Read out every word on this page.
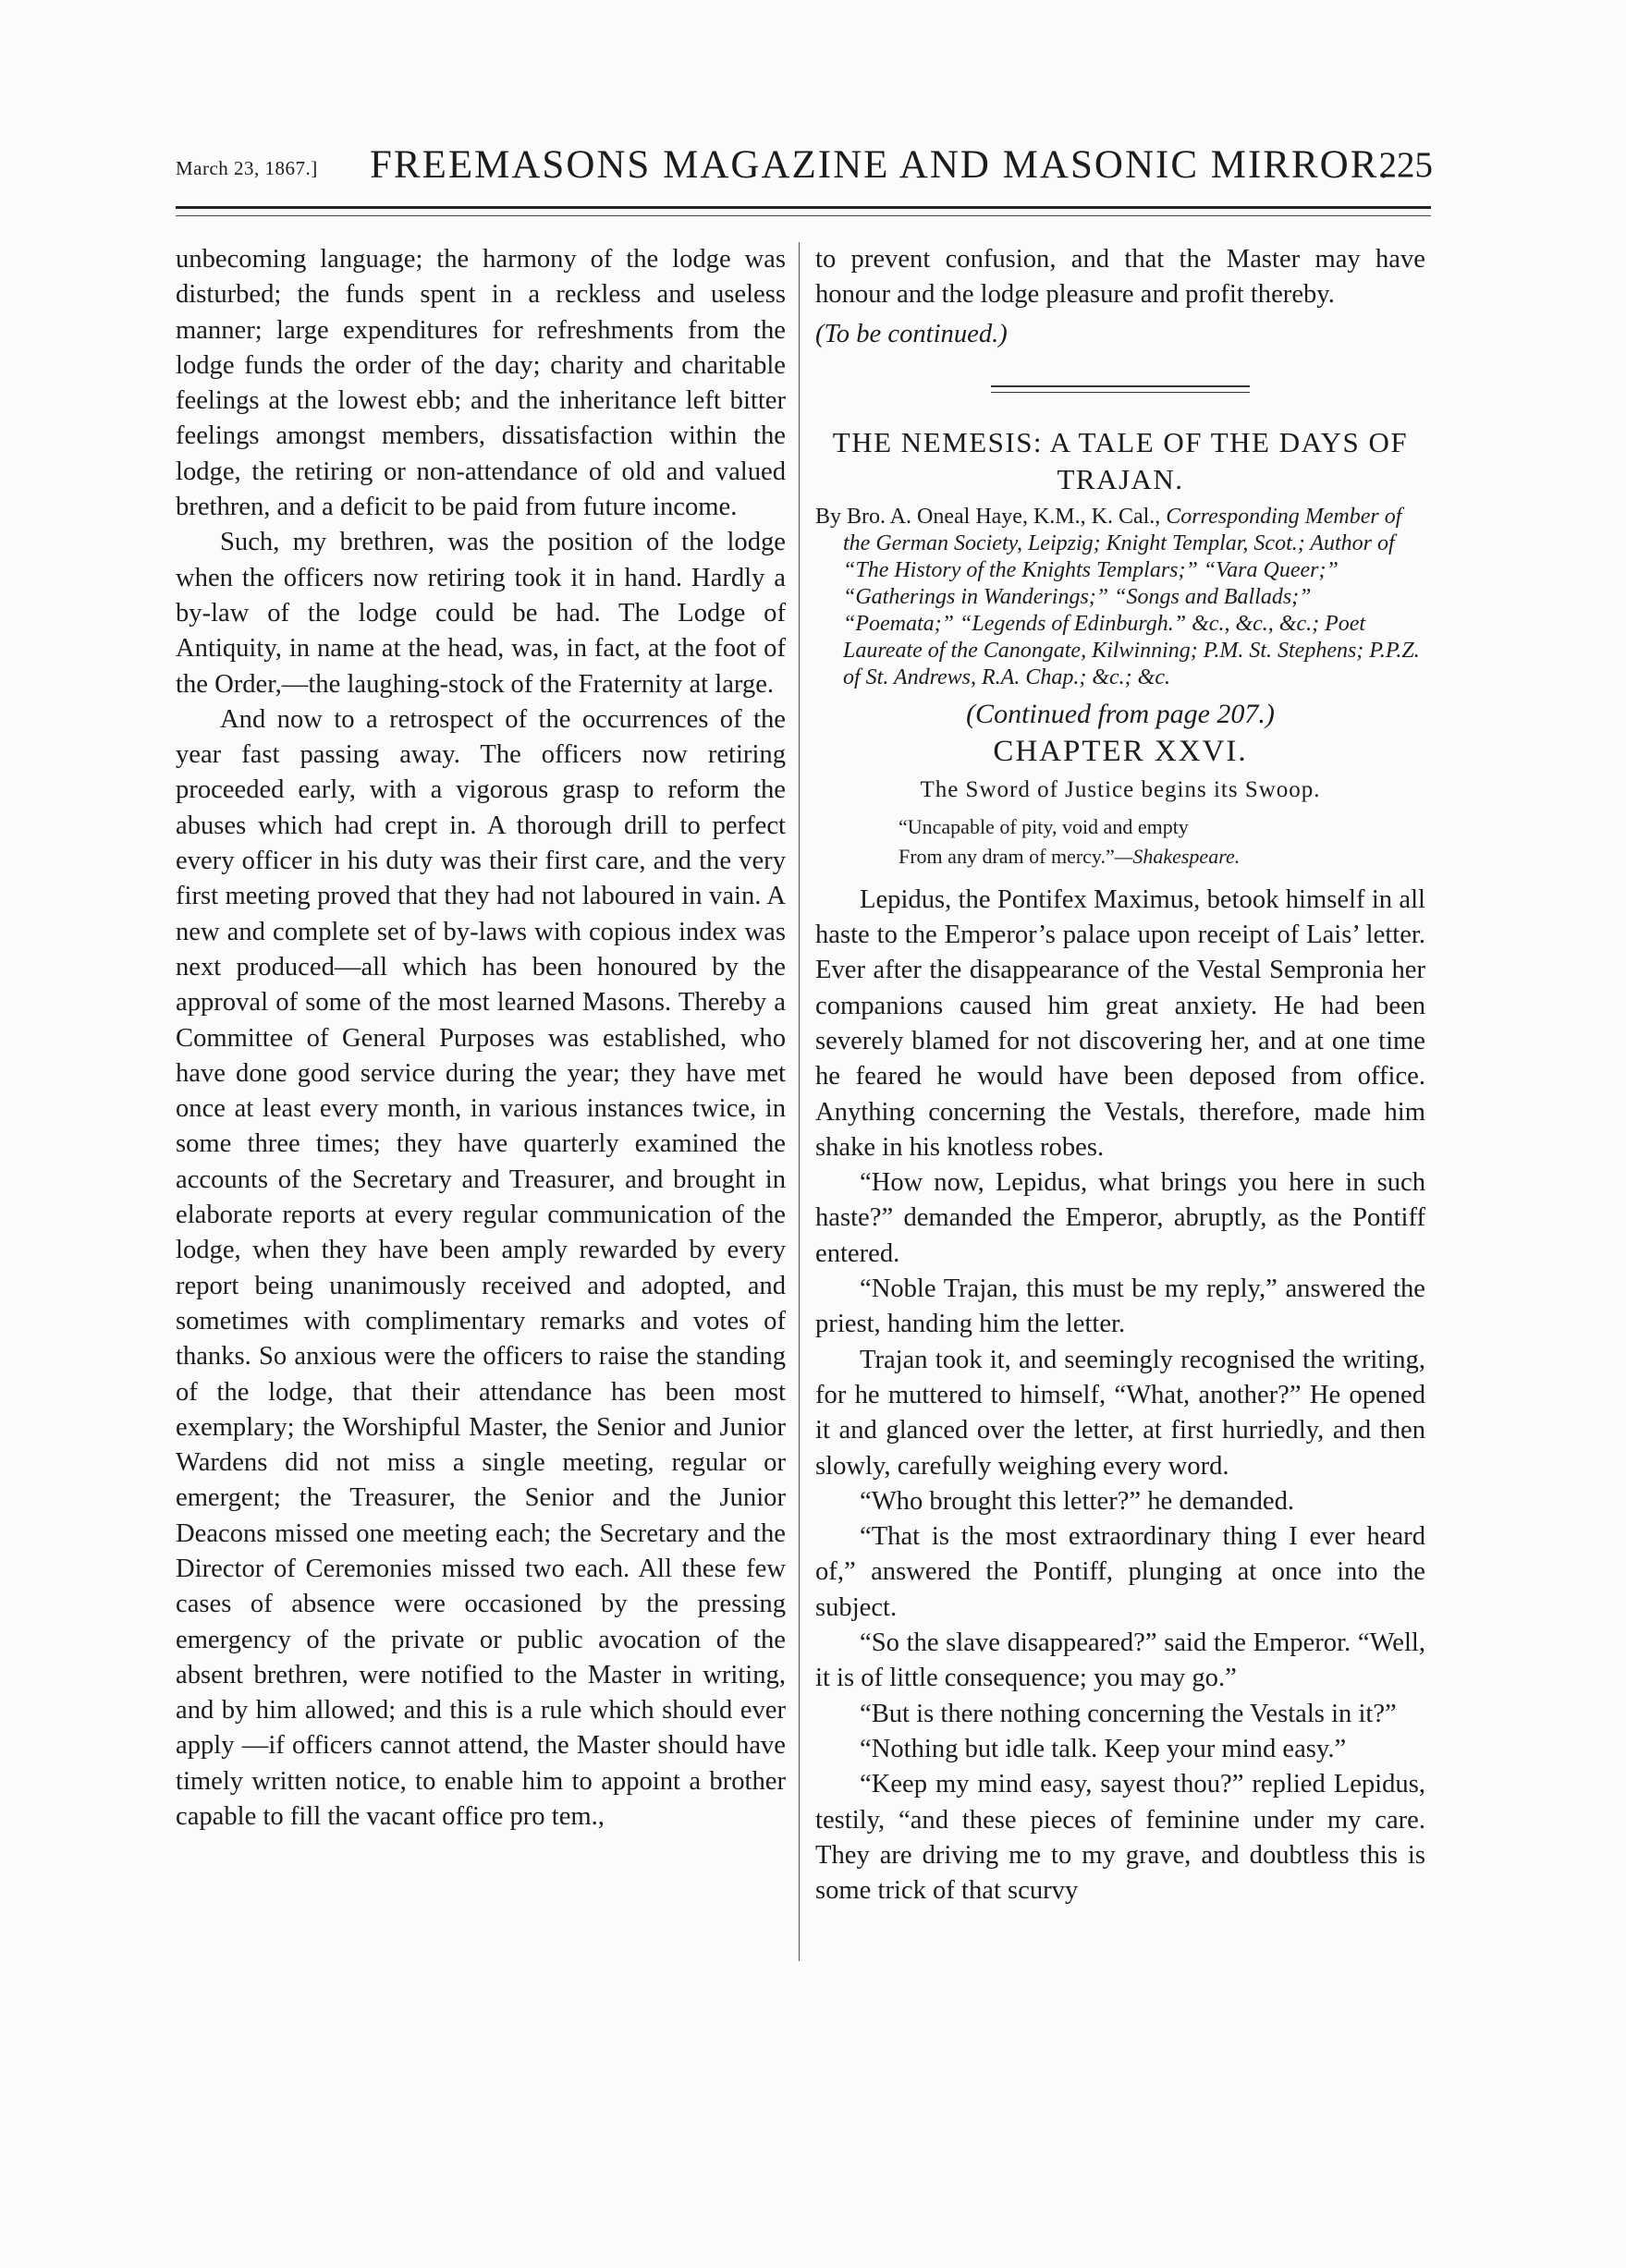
March 23, 1867.] FREEMASONS MAGAZINE AND MASONIC MIRROR.
225

unbecoming language; the harmony of the lodge was disturbed; the funds spent in a reckless and useless manner; large expenditures for refreshments from the lodge funds the order of the day; charity and charitable feelings at the lowest ebb; and the inheritance left bitter feelings amongst members, dissatisfaction within the lodge, the retiring or non-attendance of old and valued brethren, and a deficit to be paid from future income.

Such, my brethren, was the position of the lodge when the officers now retiring took it in hand. Hardly a by-law of the lodge could be had. The Lodge of Antiquity, in name at the head, was, in fact, at the foot of the Order,—the laughing-stock of the Fraternity at large.

And now to a retrospect of the occurrences of the year fast passing away. The officers now retiring proceeded early, with a vigorous grasp to reform the abuses which had crept in. A thorough drill to perfect every officer in his duty was their first care, and the very first meeting proved that they had not laboured in vain. A new and complete set of by-laws with copious index was next produced—all which has been honoured by the approval of some of the most learned Masons. Thereby a Committee of General Purposes was established, who have done good service during the year; they have met once at least every month, in various instances twice, in some three times; they have quarterly examined the accounts of the Secretary and Treasurer, and brought in elaborate reports at every regular communication of the lodge, when they have been amply rewarded by every report being unanimously received and adopted, and sometimes with complimentary remarks and votes of thanks. So anxious were the officers to raise the standing of the lodge, that their attendance has been most exemplary; the Worshipful Master, the Senior and Junior Wardens did not miss a single meeting, regular or emergent; the Treasurer, the Senior and the Junior Deacons missed one meeting each; the Secretary and the Director of Ceremonies missed two each. All these few cases of absence were occasioned by the pressing emergency of the private or public avocation of the absent brethren, were notified to the Master in writing, and by him allowed; and this is a rule which should ever apply —if officers cannot attend, the Master should have timely written notice, to enable him to appoint a brother capable to fill the vacant office pro tem.,

to prevent confusion, and that the Master may have honour and the lodge pleasure and profit thereby.

(To be continued.)

THE NEMESIS: A TALE OF THE DAYS OF TRAJAN.

By Bro. A. Oneal Haye, K.M., K. Cal., Corresponding Member of the German Society, Leipzig; Knight Templar, Scot.; Author of “The History of the Knights Templars;” “Vara Queer;” “Gatherings in Wanderings;” “Songs and Ballads;” “Poemata;” “Legends of Edinburgh.” &c., &c., &c.; Poet Laureate of the Canongate, Kilwinning; P.M. St. Stephens; P.P.Z. of St. Andrews, R.A. Chap.; &c.; &c.

(Continued from page 207.)

CHAPTER XXVI.

The Sword of Justice begins its Swoop.

“Uncapable of pity, void and empty
From any dram of mercy.”—Shakespeare.

Lepidus, the Pontifex Maximus, betook himself in all haste to the Emperor’s palace upon receipt of Lais’ letter. Ever after the disappearance of the Vestal Sempronia her companions caused him great anxiety. He had been severely blamed for not discovering her, and at one time he feared he would have been deposed from office. Anything concerning the Vestals, therefore, made him shake in his knotless robes.

“How now, Lepidus, what brings you here in such haste?” demanded the Emperor, abruptly, as the Pontiff entered.

“Noble Trajan, this must be my reply,” answered the priest, handing him the letter.

Trajan took it, and seemingly recognised the writing, for he muttered to himself, “What, another?” He opened it and glanced over the letter, at first hurriedly, and then slowly, carefully weighing every word.

“Who brought this letter?” he demanded.

“That is the most extraordinary thing I ever heard of,” answered the Pontiff, plunging at once into the subject.

“So the slave disappeared?” said the Emperor. “Well, it is of little consequence; you may go.”

“But is there nothing concerning the Vestals in it?”

“Nothing but idle talk. Keep your mind easy.”

“Keep my mind easy, sayest thou?” replied Lepidus, testily, “and these pieces of feminine under my care. They are driving me to my grave, and doubtless this is some trick of that scurvy
